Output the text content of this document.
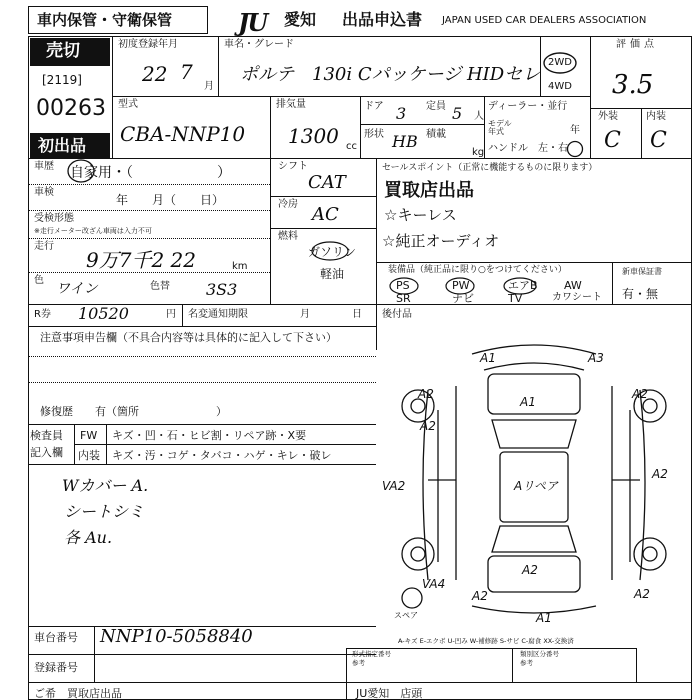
車内保管・守衛保管	JU	愛知 出品申込書 JAPAN USED CAR DEALERS ASSOCIATION
売切
[2119]
00263
初出品
初度登録年月
22 7
月
車名・グレード
ポルテ　130i Cパッケージ HIDセレ
2WD
4WD
評価点
3.5
外装	内装
C C
型式
CBA-NNP10
排気量
1300 cc
ドア 3 定員 5 人
形状 HB 積載
kg
ディーラー・並行
モデル
年式	年
ハンドル　左・右
車歴 自家用・（　　　　　　）
車検
年　　月（　　日）
受検形態
※走行メーター改ざん車両は入力不可
走行
9万7千2 22	km
色
ワイン	色替 3S3
シフト
CAT
冷房 AC
燃料
ガソリン
軽油
セールスポイント（正常に機能するものに限ります）
買取店出品
☆キーレス
☆純正オーディオ
装備品（純正品に限り○をつけてください）
PS	PW	エアB AW
SR	ナビ	TV	カワシート
新車保証書
有・無
R券 10520	円 名変通知期限	月	日 後付品
注意事項申告欄（不具合内容等は具体的に記入して下さい）
修復歴　　有（箇所　　　　　　　）
検査員
記入欄
FW キズ・凹・石・ヒビ割・リペア跡・X要
内装 キズ・汚・コゲ・タバコ・ハゲ・キレ・破レ
Wカバー A.
シートシミ
各 Au.
A1	A3
A2
A1
A2
A2
VA2
A2
Aリペア
A2
VA4
A2
A1
A2
スペア
A-キズ E-エクボ U-凹み W-補修跡 S-サビ C-腐食 XX-交換済
車台番号 NNP10-5058840
登録番号
形式指定番号
参考
類別区分番号
参考
ご希　買取店出品	JU愛知　店頭
